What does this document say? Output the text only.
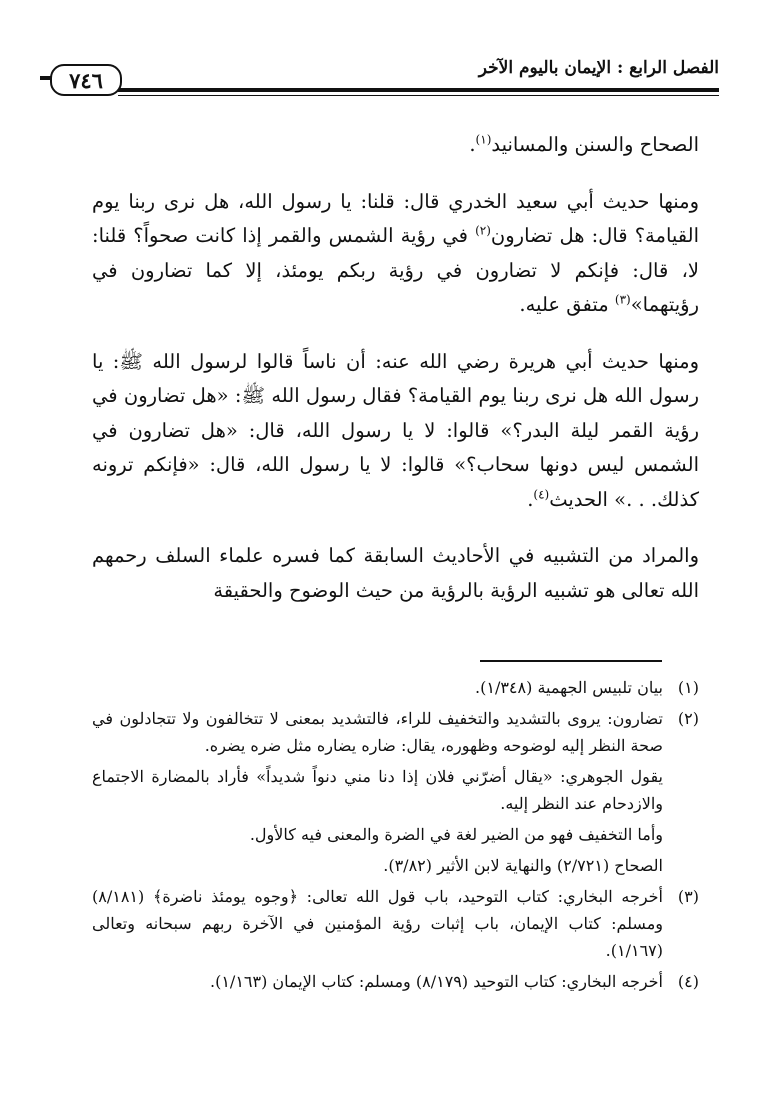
٧٤٦	الفصل الرابع : الإيمان باليوم الآخر

الصحاح والسنن والمسانيد$^{(١)}$.

ومنها حديث أبي سعيد الخدري قال: قلنا: يا رسول الله، هل نرى ربنا يوم القيامة؟ قال: هل تضارون$^{(٢)}$ في رؤية الشمس والقمر إذا كانت صحواً؟ قلنا: لا، قال: فإنكم لا تضارون في رؤية ربكم يومئذ، إلا كما تضارون في رؤيتهما»$^{(٣)}$ متفق عليه.

ومنها حديث أبي هريرة رضي الله عنه: أن ناساً قالوا لرسول الله ﷺ: يا رسول الله هل نرى ربنا يوم القيامة؟ فقال رسول الله ﷺ: «هل تضارون في رؤية القمر ليلة البدر؟» قالوا: لا يا رسول الله، قال: «هل تضارون في الشمس ليس دونها سحاب؟» قالوا: لا يا رسول الله، قال: «فإنكم ترونه كذلك. . .» الحديث$^{(٤)}$.

والمراد من التشبيه في الأحاديث السابقة كما فسره علماء السلف رحمهم الله تعالى هو تشبيه الرؤية بالرؤية من حيث الوضوح والحقيقة

(١)

بيان تلبيس الجهمية (١/٣٤٨).

(٢)

تضارون: يروى بالتشديد والتخفيف للراء، فالتشديد بمعنى لا تتخالفون ولا تتجادلون في صحة النظر إليه لوضوحه وظهوره، يقال: ضاره يضاره مثل ضره يضره.

يقول الجوهري: «يقال أضرّني فلان إذا دنا مني دنواً شديداً» فأراد بالمضارة الاجتماع والازدحام عند النظر إليه.

وأما التخفيف فهو من الضير لغة في الضرة والمعنى فيه كالأول.

الصحاح (٢/٧٢١) والنهاية لابن الأثير (٣/٨٢).

(٣)

أخرجه البخاري: كتاب التوحيد، باب قول الله تعالى: ﴿وجوه يومئذ ناضرة﴾ (٨/١٨١) ومسلم: كتاب الإيمان، باب إثبات رؤية المؤمنين في الآخرة ربهم سبحانه وتعالى (١/١٦٧).

(٤)

أخرجه البخاري: كتاب التوحيد (٨/١٧٩) ومسلم: كتاب الإيمان (١/١٦٣).
